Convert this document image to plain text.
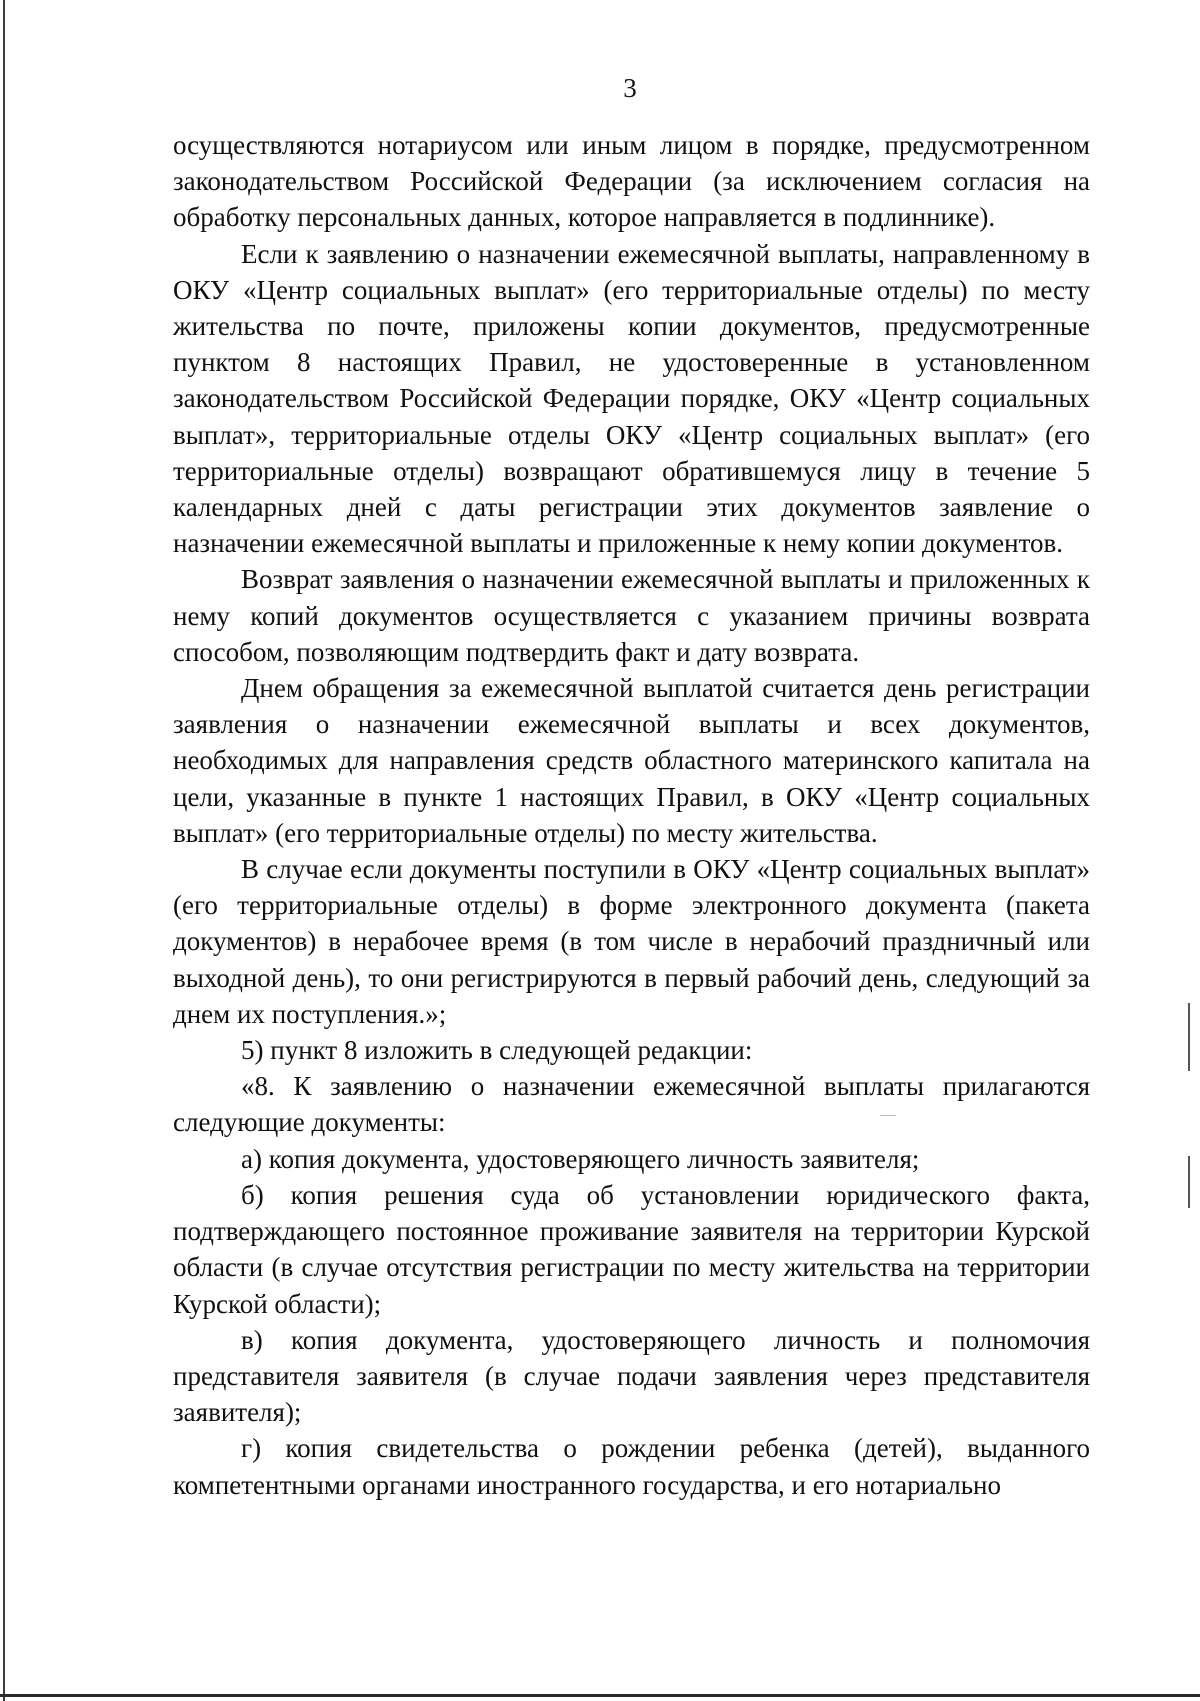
3

осуществляются нотариусом или иным лицом в порядке, предусмотренном законодательством Российской Федерации (за исключением согласия на обработку персональных данных, которое направляется в подлиннике).

Если к заявлению о назначении ежемесячной выплаты, направленному в ОКУ «Центр социальных выплат» (его территориальные отделы) по месту жительства по почте, приложены копии документов, предусмотренные пунктом 8 настоящих Правил, не удостоверенные в установленном законодательством Российской Федерации порядке, ОКУ «Центр социальных выплат», территориальные отделы ОКУ «Центр социальных выплат» (его территориальные отделы) возвращают обратившемуся лицу в течение 5 календарных дней с даты регистрации этих документов заявление о назначении ежемесячной выплаты и приложенные к нему копии документов.

Возврат заявления о назначении ежемесячной выплаты и приложенных к нему копий документов осуществляется с указанием причины возврата способом, позволяющим подтвердить факт и дату возврата.

Днем обращения за ежемесячной выплатой считается день регистрации заявления о назначении ежемесячной выплаты и всех документов, необходимых для направления средств областного материнского капитала на цели, указанные в пункте 1 настоящих Правил, в ОКУ «Центр социальных выплат» (его территориальные отделы) по месту жительства.

В случае если документы поступили в ОКУ «Центр социальных выплат» (его территориальные отделы) в форме электронного документа (пакета документов) в нерабочее время (в том числе в нерабочий праздничный или выходной день), то они регистрируются в первый рабочий день, следующий за днем их поступления.»;

5) пункт 8 изложить в следующей редакции:

«8. К заявлению о назначении ежемесячной выплаты прилагаются следующие документы:

а) копия документа, удостоверяющего личность заявителя;

б) копия решения суда об установлении юридического факта, подтверждающего постоянное проживание заявителя на территории Курской области (в случае отсутствия регистрации по месту жительства на территории Курской области);

в) копия документа, удостоверяющего личность и полномочия представителя заявителя (в случае подачи заявления через представителя заявителя);

г) копия свидетельства о рождении ребенка (детей), выданного компетентными органами иностранного государства, и его нотариально
